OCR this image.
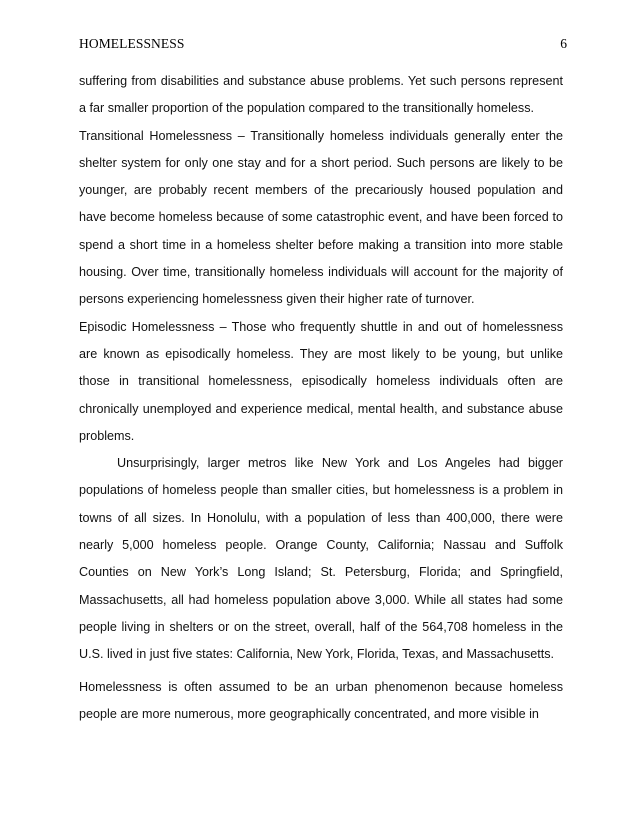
HOMELESSNESS	6

suffering from disabilities and substance abuse problems. Yet such persons represent a far smaller proportion of the population compared to the transitionally homeless.

Transitional Homelessness – Transitionally homeless individuals generally enter the shelter system for only one stay and for a short period. Such persons are likely to be younger, are probably recent members of the precariously housed population and have become homeless because of some catastrophic event, and have been forced to spend a short time in a homeless shelter before making a transition into more stable housing. Over time, transitionally homeless individuals will account for the majority of persons experiencing homelessness given their higher rate of turnover.

Episodic Homelessness – Those who frequently shuttle in and out of homelessness are known as episodically homeless. They are most likely to be young, but unlike those in transitional homelessness, episodically homeless individuals often are chronically unemployed and experience medical, mental health, and substance abuse problems.

Unsurprisingly, larger metros like New York and Los Angeles had bigger populations of homeless people than smaller cities, but homelessness is a problem in towns of all sizes. In Honolulu, with a population of less than 400,000, there were nearly 5,000 homeless people. Orange County, California; Nassau and Suffolk Counties on New York’s Long Island; St. Petersburg, Florida; and Springfield, Massachusetts, all had homeless population above 3,000. While all states had some people living in shelters or on the street, overall, half of the 564,708 homeless in the U.S. lived in just five states: California, New York, Florida, Texas, and Massachusetts.

Homelessness is often assumed to be an urban phenomenon because homeless people are more numerous, more geographically concentrated, and more visible in
